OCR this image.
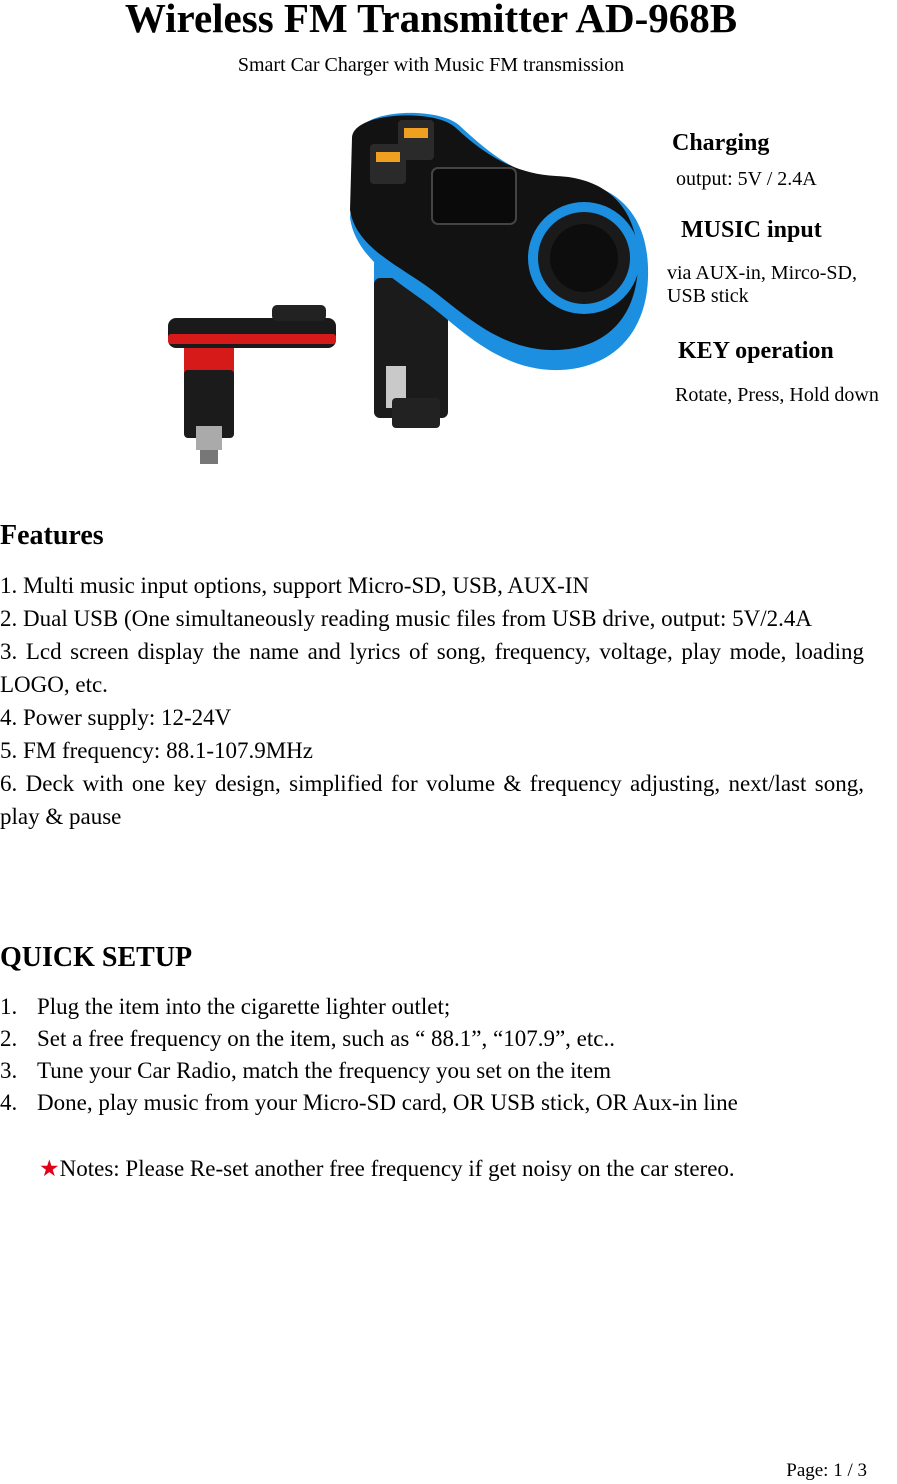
Wireless FM Transmitter AD-968B
Smart Car Charger with Music FM transmission
Charging
output: 5V / 2.4A
MUSIC input
via AUX-in, Mirco-SD,
USB stick
KEY operation
Rotate, Press, Hold down
Features

1. Multi music input options, support Micro-SD, USB, AUX-IN

2. Dual USB (One simultaneously reading music files from USB drive, output: 5V/2.4A

3. Lcd screen display the name and lyrics of song, frequency, voltage, play mode, loading LOGO, etc.

4. Power supply: 12-24V

5. FM frequency: 88.1-107.9MHz

6. Deck with one key design, simplified for volume & frequency adjusting, next/last song, play & pause

QUICK SETUP
1. Plug the item into the cigarette lighter outlet;
2. Set a free frequency on the item, such as “ 88.1”, “107.9”, etc..
3. Tune your Car Radio, match the frequency you set on the item
4. Done, play music from your Micro-SD card, OR USB stick, OR Aux-in line
★Notes: Please Re-set another free frequency if get noisy on the car stereo.
Page: 1 / 3
